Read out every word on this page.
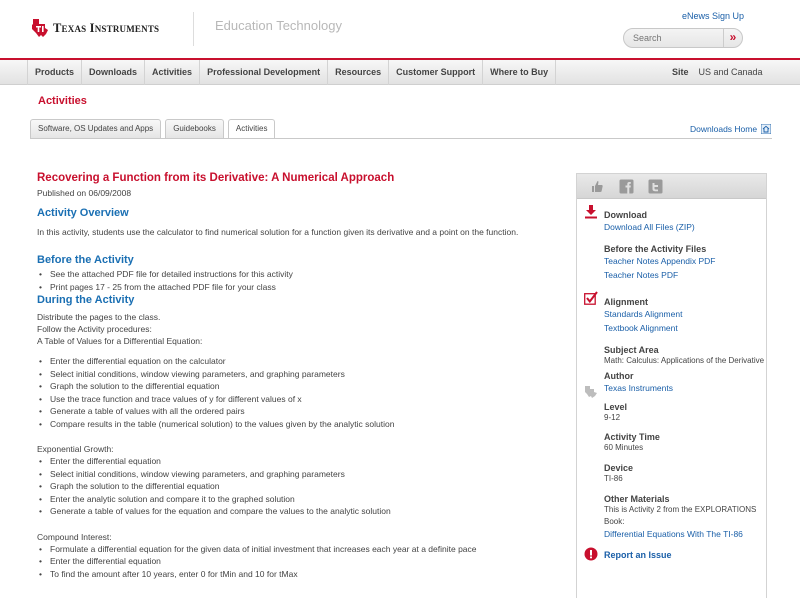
Texas Instruments	Education Technology
eNews Sign Up
Search
»
Products	Downloads	Activities	Professional Development	Resources	Customer Support	Where to Buy	Site US and Canada
Activities
Software, OS Updates and Apps	Guidebooks	Activities	Downloads Home
Recovering a Function from its Derivative: A Numerical Approach
Published on 06/09/2008
Activity Overview
In this activity, students use the calculator to find numerical solution for a function given its derivative and a point on the function.
Before the Activity
• See the attached PDF file for detailed instructions for this activity
• Print pages 17 - 25 from the attached PDF file for your class
During the Activity
Distribute the pages to the class.
Follow the Activity procedures:
A Table of Values for a Differential Equation:
• Enter the differential equation on the calculator
• Select initial conditions, window viewing parameters, and graphing parameters
• Graph the solution to the differential equation
• Use the trace function and trace values of y for different values of x
• Generate a table of values with all the ordered pairs
• Compare results in the table (numerical solution) to the values given by the analytic solution
Exponential Growth:
• Enter the differential equation
• Select initial conditions, window viewing parameters, and graphing parameters
• Graph the solution to the differential equation
• Enter the analytic solution and compare it to the graphed solution
• Generate a table of values for the equation and compare the values to the analytic solution
Compound Interest:
• Formulate a differential equation for the given data of initial investment that increases each year at a definite pace
• Enter the differential equation
• To find the amount after 10 years, enter 0 for tMin and 10 for tMax
Download
Download All Files (ZIP)
Before the Activity Files
Teacher Notes Appendix PDF
Teacher Notes PDF
Alignment
Standards Alignment
Textbook Alignment
Subject Area
Math: Calculus: Applications of the Derivative
Author
Texas Instruments
Level
9-12
Activity Time
60 Minutes
Device
TI-86
Other Materials
This is Activity 2 from the EXPLORATIONS
Book:
Differential Equations With The TI-86
Report an Issue
